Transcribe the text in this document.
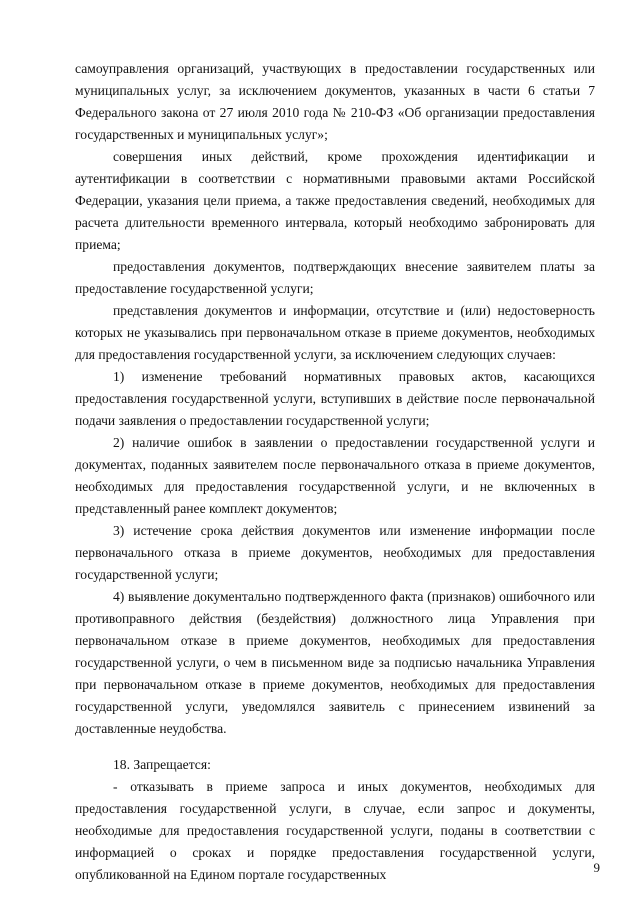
самоуправления организаций, участвующих в предоставлении государственных или муниципальных услуг, за исключением документов, указанных в части 6 статьи 7 Федерального закона от 27 июля 2010 года № 210-ФЗ «Об организации предоставления государственных и муниципальных услуг»;

совершения иных действий, кроме прохождения идентификации и аутентификации в соответствии с нормативными правовыми актами Российской Федерации, указания цели приема, а также предоставления сведений, необходимых для расчета длительности временного интервала, который необходимо забронировать для приема;

предоставления документов, подтверждающих внесение заявителем платы за предоставление государственной услуги;

представления документов и информации, отсутствие и (или) недостоверность которых не указывались при первоначальном отказе в приеме документов, необходимых для предоставления государственной услуги, за исключением следующих случаев:

1) изменение требований нормативных правовых актов, касающихся предоставления государственной услуги, вступивших в действие после первоначальной подачи заявления о предоставлении государственной услуги;

2) наличие ошибок в заявлении о предоставлении государственной услуги и документах, поданных заявителем после первоначального отказа в приеме документов, необходимых для предоставления государственной услуги, и не включенных в представленный ранее комплект документов;

3) истечение срока действия документов или изменение информации после первоначального отказа в приеме документов, необходимых для предоставления государственной услуги;

4) выявление документально подтвержденного факта (признаков) ошибочного или противоправного действия (бездействия) должностного лица Управления при первоначальном отказе в приеме документов, необходимых для предоставления государственной услуги, о чем в письменном виде за подписью начальника Управления при первоначальном отказе в приеме документов, необходимых для предоставления государственной услуги, уведомлялся заявитель с принесением извинений за доставленные неудобства.

18. Запрещается:

- отказывать в приеме запроса и иных документов, необходимых для предоставления государственной услуги, в случае, если запрос и документы, необходимые для предоставления государственной услуги, поданы в соответствии с информацией о сроках и порядке предоставления государственной услуги, опубликованной на Едином портале государственных	9
